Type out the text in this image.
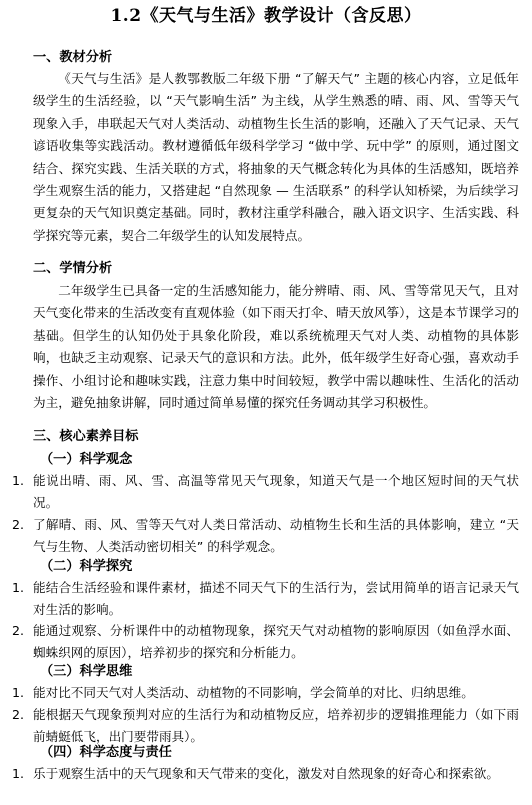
1.2《天气与生活》教学设计（含反思）
一、教材分析
《天气与生活》是人教鄂教版二年级下册 “了解天气” 主题的核心内容，立足低年级学生的生活经验，以 “天气影响生活” 为主线，从学生熟悉的晴、雨、风、雪等天气现象入手，串联起天气对人类活动、动植物生长生活的影响，还融入了天气记录、天气谚语收集等实践活动。教材遵循低年级科学学习 “做中学、玩中学” 的原则，通过图文结合、探究实践、生活关联的方式，将抽象的天气概念转化为具体的生活感知，既培养学生观察生活的能力，又搭建起 “自然现象 — 生活联系” 的科学认知桥梁，为后续学习更复杂的天气知识奠定基础。同时，教材注重学科融合，融入语文识字、生活实践、科学探究等元素，契合二年级学生的认知发展特点。
二、学情分析
二年级学生已具备一定的生活感知能力，能分辨晴、雨、风、雪等常见天气，且对天气变化带来的生活改变有直观体验（如下雨天打伞、晴天放风筝），这是本节课学习的基础。但学生的认知仍处于具象化阶段，难以系统梳理天气对人类、动植物的具体影响，也缺乏主动观察、记录天气的意识和方法。此外，低年级学生好奇心强，喜欢动手操作、小组讨论和趣味实践，注意力集中时间较短，教学中需以趣味性、生活化的活动为主，避免抽象讲解，同时通过简单易懂的探究任务调动其学习积极性。
三、核心素养目标
（一）科学观念
1. 能说出晴、雨、风、雪、高温等常见天气现象，知道天气是一个地区短时间的天气状况。
2. 了解晴、雨、风、雪等天气对人类日常活动、动植物生长和生活的具体影响，建立 “天气与生物、人类活动密切相关” 的科学观念。
（二）科学探究
1. 能结合生活经验和课件素材，描述不同天气下的生活行为，尝试用简单的语言记录天气对生活的影响。
2. 能通过观察、分析课件中的动植物现象，探究天气对动植物的影响原因（如鱼浮水面、蜘蛛织网的原因），培养初步的探究和分析能力。
（三）科学思维
1. 能对比不同天气对人类活动、动植物的不同影响，学会简单的对比、归纳思维。
2. 能根据天气现象预判对应的生活行为和动植物反应，培养初步的逻辑推理能力（如下雨前蜻蜓低飞，出门要带雨具）。
（四）科学态度与责任
1. 乐于观察生活中的天气现象和天气带来的变化，激发对自然现象的好奇心和探索欲。
